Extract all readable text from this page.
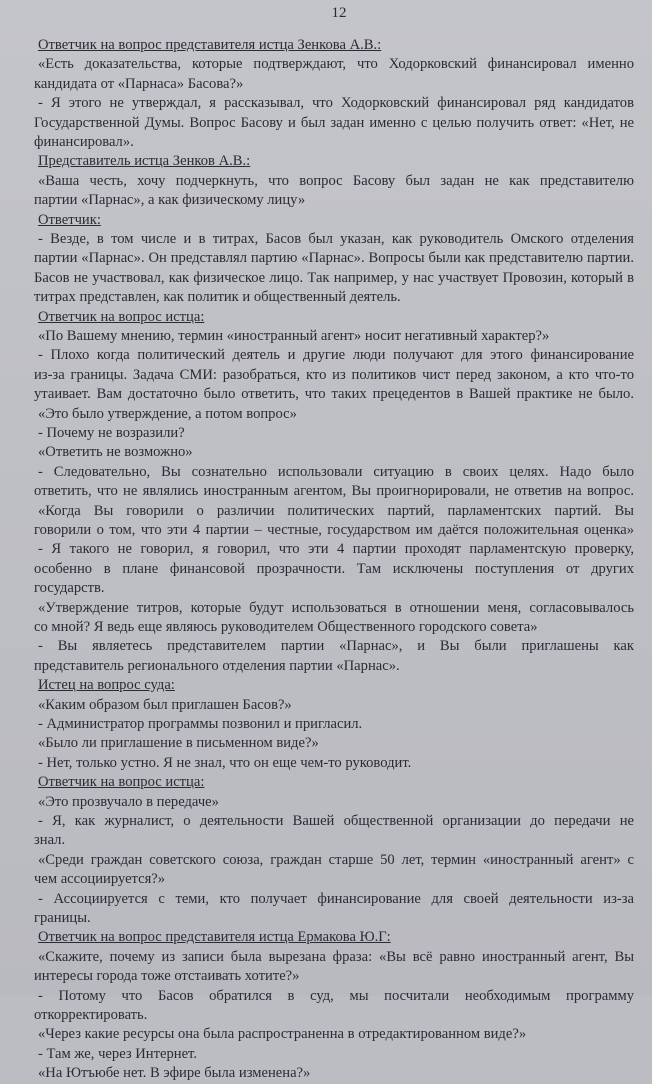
12
Ответчик на вопрос представителя истца Зенкова А.В.:
«Есть доказательства, которые подтверждают, что Ходорковский финансировал именно
кандидата от «Парнаса» Басова?»
- Я этого не утверждал, я рассказывал, что Ходорковский финансировал ряд кандидатов
Государственной Думы. Вопрос Басову и был задан именно с целью получить ответ: «Нет, не
финансировал».
Представитель истца Зенков А.В.:
«Ваша честь, хочу подчеркнуть, что вопрос Басову был задан не как представителю
партии «Парнас», а как физическому лицу»
Ответчик:
- Везде, в том числе и в титрах, Басов был указан, как руководитель Омского отделения
партии «Парнас». Он представлял партию «Парнас». Вопросы были как представителю партии.
Басов не участвовал, как физическое лицо. Так например, у нас участвует Провозин, который в
титрах представлен, как политик и общественный деятель.
Ответчик на вопрос истца:
«По Вашему мнению, термин «иностранный агент» носит негативный характер?»
- Плохо когда политический деятель и другие люди получают для этого финансирование
из-за границы. Задача СМИ: разобраться, кто из политиков чист перед законом, а кто что-то
утаивает. Вам достаточно было ответить, что таких прецедентов в Вашей практике не было.
«Это было утверждение, а потом вопрос»
- Почему не возразили?
«Ответить не возможно»
- Следовательно, Вы сознательно использовали ситуацию в своих целях. Надо было
ответить, что не являлись иностранным агентом, Вы проигнорировали, не ответив на вопрос.
«Когда Вы говорили о различии политических партий, парламентских партий. Вы
говорили о том, что эти 4 партии – честные, государством им даётся положительная оценка»
- Я такого не говорил, я говорил, что эти 4 партии проходят парламентскую проверку,
особенно в плане финансовой прозрачности. Там исключены поступления от других
государств.
«Утверждение титров, которые будут использоваться в отношении меня, согласовывалось
со мной? Я ведь еще являюсь руководителем Общественного городского совета»
- Вы являетесь представителем партии «Парнас», и Вы были приглашены как
представитель регионального отделения партии «Парнас».
Истец на вопрос суда:
«Каким образом был приглашен Басов?»
- Администратор программы позвонил и пригласил.
«Было ли приглашение в письменном виде?»
- Нет, только устно. Я не знал, что он еще чем-то руководит.
Ответчик на вопрос истца:
«Это прозвучало в передаче»
- Я, как журналист, о деятельности Вашей общественной организации до передачи не
знал.
«Среди граждан советского союза, граждан старше 50 лет, термин «иностранный агент» с
чем ассоциируется?»
- Ассоциируется с теми, кто получает финансирование для своей деятельности из-за
границы.
Ответчик на вопрос представителя истца Ермакова Ю.Г:
«Скажите, почему из записи была вырезана фраза: «Вы всё равно иностранный агент, Вы
интересы города тоже отстаивать хотите?»
- Потому что Басов обратился в суд, мы посчитали необходимым программу
откорректировать.
«Через какие ресурсы она была распространенна в отредактированном виде?»
- Там же, через Интернет.
«На Ютъюбе нет. В эфире была изменена?»
